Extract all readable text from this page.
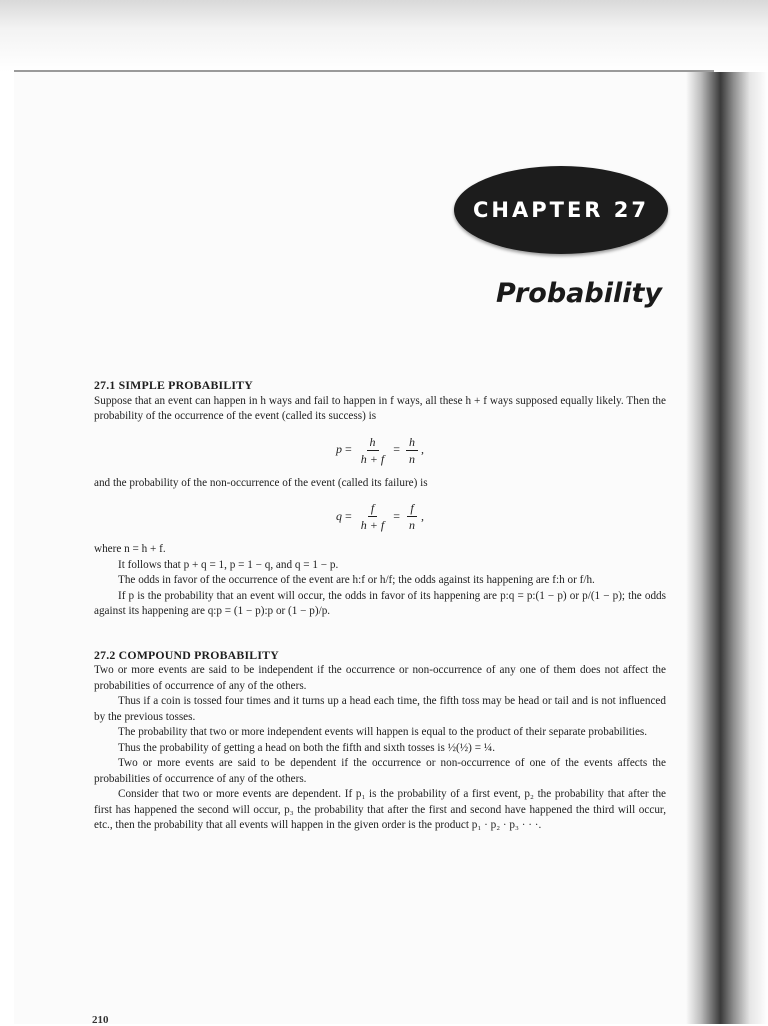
CHAPTER 27
Probability

27.1 SIMPLE PROBABILITY

Suppose that an event can happen in h ways and fail to happen in f ways, all these h + f ways supposed equally likely. Then the probability of the occurrence of the event (called its success) is

$p = \frac{h}{h + f} = \frac{h}{n}$ ,

and the probability of the non-occurrence of the event (called its failure) is

$q = \frac{f}{h + f} = \frac{f}{n}$ ,

where n = h + f.

It follows that p + q = 1, p = 1 − q, and q = 1 − p.

The odds in favor of the occurrence of the event are h:f or h/f; the odds against its happening are f:h or f/h.

If p is the probability that an event will occur, the odds in favor of its happening are p:q = p:(1 − p) or p/(1 − p); the odds against its happening are q:p = (1 − p):p or (1 − p)/p.

27.2 COMPOUND PROBABILITY

Two or more events are said to be independent if the occurrence or non-occurrence of any one of them does not affect the probabilities of occurrence of any of the others.

Thus if a coin is tossed four times and it turns up a head each time, the fifth toss may be head or tail and is not influenced by the previous tosses.

The probability that two or more independent events will happen is equal to the product of their separate probabilities.

Thus the probability of getting a head on both the fifth and sixth tosses is ½(½) = ¼.

Two or more events are said to be dependent if the occurrence or non-occurrence of one of the events affects the probabilities of occurrence of any of the others.

Consider that two or more events are dependent. If p₁ is the probability of a first event, p₂ the probability that after the first has happened the second will occur, p₃ the probability that after the first and second have happened the third will occur, etc., then the probability that all events will happen in the given order is the product p₁ · p₂ · p₃ · · ·.

210
